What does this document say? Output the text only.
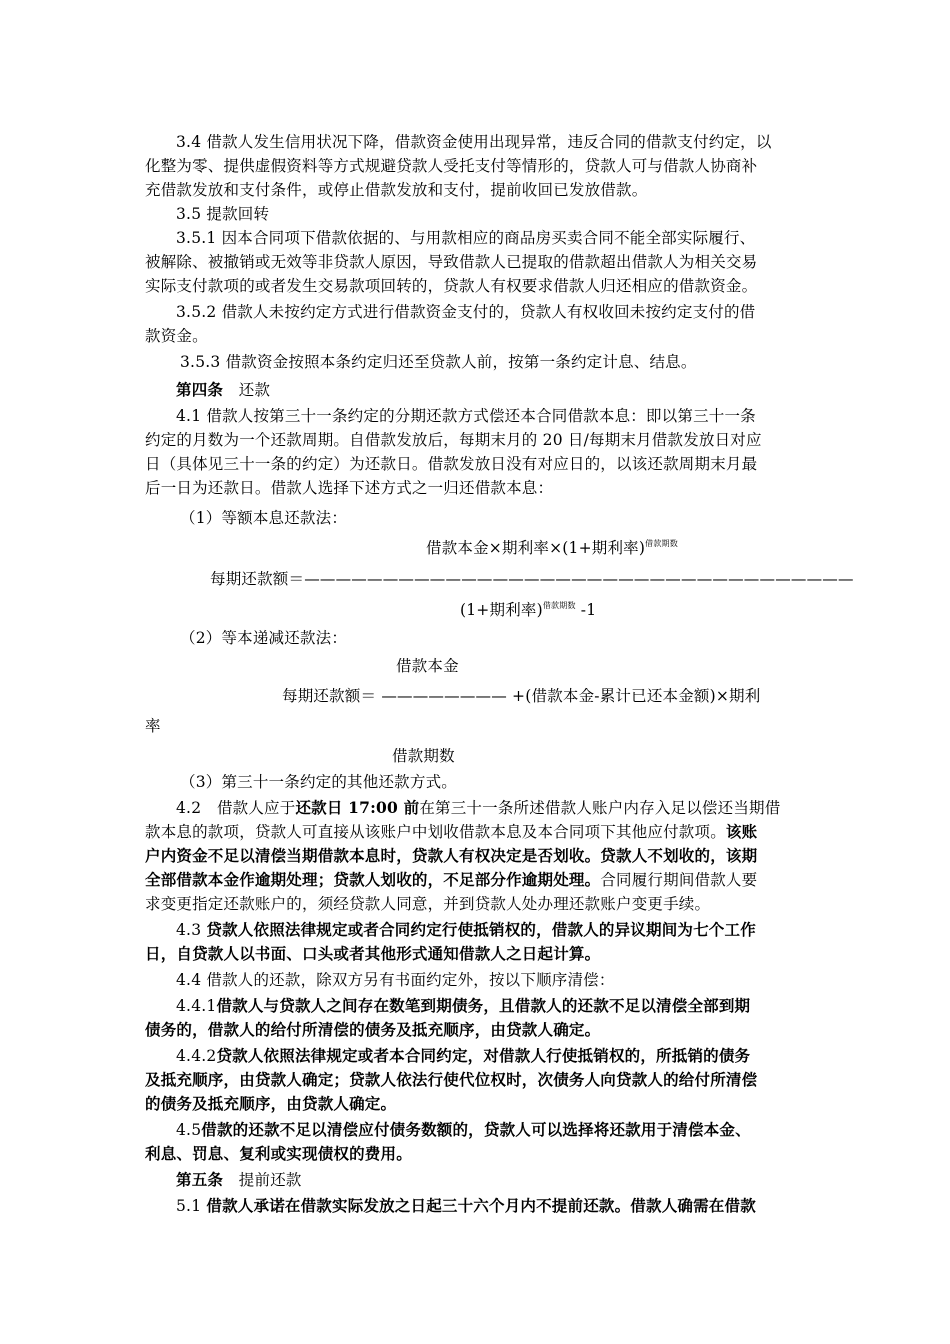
3.4 借款人发生信用状况下降，借款资金使用出现异常，违反合同的借款支付约定，以
化整为零、提供虚假资料等方式规避贷款人受托支付等情形的，贷款人可与借款人协商补
充借款发放和支付条件，或停止借款发放和支付，提前收回已发放借款。
3.5 提款回转
3.5.1 因本合同项下借款依据的、与用款相应的商品房买卖合同不能全部实际履行、
被解除、被撤销或无效等非贷款人原因，导致借款人已提取的借款超出借款人为相关交易
实际支付款项的或者发生交易款项回转的，贷款人有权要求借款人归还相应的借款资金。
3.5.2 借款人未按约定方式进行借款资金支付的，贷款人有权收回未按约定支付的借
款资金。
3.5.3 借款资金按照本条约定归还至贷款人前，按第一条约定计息、结息。
第四条　还款
4.1 借款人按第三十一条约定的分期还款方式偿还本合同借款本息：即以第三十一条
约定的月数为一个还款周期。自借款发放后，每期末月的 20 日/每期末月借款发放日对应
日（具体见三十一条的约定）为还款日。借款发放日没有对应日的，以该还款周期末月最
后一日为还款日。借款人选择下述方式之一归还借款本息：
（1）等额本息还款法：
借款本金×期利率×(1+期利率)$^{借款期数}$
每期还款额＝———————————————————————————————————
(1+期利率)$^{借款期数}$ -1
（2）等本递减还款法：
借款本金
每期还款额＝ ———————— +(借款本金-累计已还本金额)×期利
率
借款期数
（3）第三十一条约定的其他还款方式。
4.2　借款人应于还款日 17:00 前在第三十一条所述借款人账户内存入足以偿还当期借
款本息的款项，贷款人可直接从该账户中划收借款本息及本合同项下其他应付款项。该账
户内资金不足以清偿当期借款本息时，贷款人有权决定是否划收。贷款人不划收的，该期
全部借款本金作逾期处理；贷款人划收的，不足部分作逾期处理。合同履行期间借款人要
求变更指定还款账户的，须经贷款人同意，并到贷款人处办理还款账户变更手续。
4.3 贷款人依照法律规定或者合同约定行使抵销权的，借款人的异议期间为七个工作
日，自贷款人以书面、口头或者其他形式通知借款人之日起计算。
4.4 借款人的还款，除双方另有书面约定外，按以下顺序清偿：
4.4.1借款人与贷款人之间存在数笔到期债务，且借款人的还款不足以清偿全部到期
债务的，借款人的给付所清偿的债务及抵充顺序，由贷款人确定。
4.4.2贷款人依照法律规定或者本合同约定，对借款人行使抵销权的，所抵销的债务
及抵充顺序，由贷款人确定；贷款人依法行使代位权时，次债务人向贷款人的给付所清偿
的债务及抵充顺序，由贷款人确定。
4.5借款的还款不足以清偿应付债务数额的，贷款人可以选择将还款用于清偿本金、
利息、罚息、复利或实现债权的费用。
第五条　提前还款
5.1 借款人承诺在借款实际发放之日起三十六个月内不提前还款。借款人确需在借款
